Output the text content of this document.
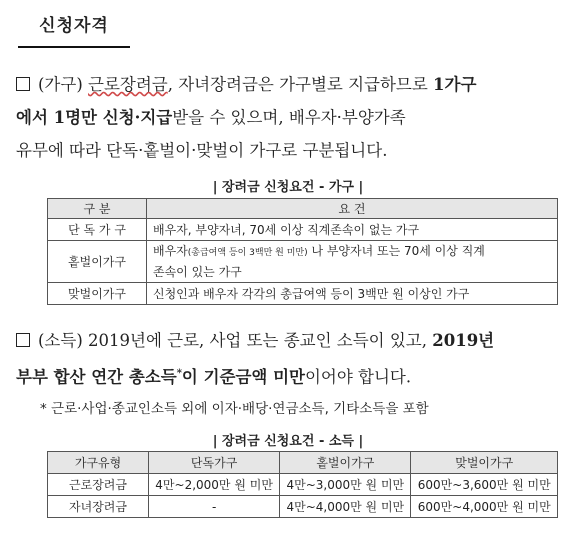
신청자격
(가구) 근로장려금, 자녀장려금은 가구별로 지급하므로 1가구
에서 1명만 신청·지급받을 수 있으며, 배우자·부양가족
유무에 따라 단독·홑벌이·맞벌이 가구로 구분됩니다.
| 장려금 신청요건 - 가구 |
구 분	요 건
단 독 가 구	배우자, 부양자녀, 70세 이상 직계존속이 없는 가구
홑벌이가구	배우자(총급여액 등이 3백만 원 미만) 나 부양자녀 또는 70세 이상 직계
존속이 있는 가구
맞벌이가구	신청인과 배우자 각각의 총급여액 등이 3백만 원 이상인 가구
(소득) 2019년에 근로, 사업 또는 종교인 소득이 있고, 2019년
부부 합산 연간 총소득*이 기준금액 미만이어야 합니다.
* 근로·사업·종교인소득 외에 이자·배당·연금소득, 기타소득을 포함
| 장려금 신청요건 - 소득 |
가구유형	단독가구	홑벌이가구	맞벌이가구
근로장려금	4만~2,000만 원 미만	4만~3,000만 원 미만	600만~3,600만 원 미만
자녀장려금	-	4만~4,000만 원 미만	600만~4,000만 원 미만
